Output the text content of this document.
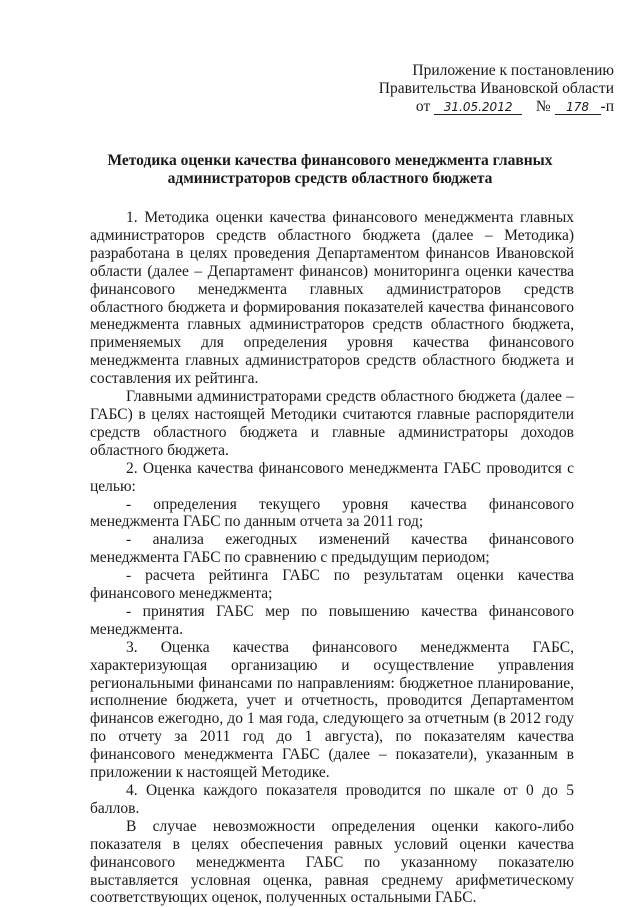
Приложение к постановлению
Правительства Ивановской области
от 31.05.2012 № 178 -п
Методика оценки качества финансового менеджмента главных
администраторов средств областного бюджета

1. Методика оценки качества финансового менеджмента главных администраторов средств областного бюджета (далее – Методика) разработана в целях проведения Департаментом финансов Ивановской области (далее – Департамент финансов) мониторинга оценки качества финансового менеджмента главных администраторов средств областного бюджета и формирования показателей качества финансового менеджмента главных администраторов средств областного бюджета, применяемых для определения уровня качества финансового менеджмента главных администраторов средств областного бюджета и составления их рейтинга.

Главными администраторами средств областного бюджета (далее – ГАБС) в целях настоящей Методики считаются главные распорядители средств областного бюджета и главные администраторы доходов областного бюджета.

2. Оценка качества финансового менеджмента ГАБС проводится с целью:

- определения текущего уровня качества финансового менеджмента ГАБС по данным отчета за 2011 год;

- анализа ежегодных изменений качества финансового менеджмента ГАБС по сравнению с предыдущим периодом;

- расчета рейтинга ГАБС по результатам оценки качества финансового менеджмента;

- принятия ГАБС мер по повышению качества финансового менеджмента.

3. Оценка качества финансового менеджмента ГАБС, характеризующая организацию и осуществление управления региональными финансами по направлениям: бюджетное планирование, исполнение бюджета, учет и отчетность, проводится Департаментом финансов ежегодно, до 1 мая года, следующего за отчетным (в 2012 году по отчету за 2011 год до 1 августа), по показателям качества финансового менеджмента ГАБС (далее – показатели), указанным в приложении к настоящей Методике.

4. Оценка каждого показателя проводится по шкале от 0 до 5 баллов.

В случае невозможности определения оценки какого-либо показателя в целях обеспечения равных условий оценки качества финансового менеджмента ГАБС по указанному показателю выставляется условная оценка, равная среднему арифметическому соответствующих оценок, полученных остальными ГАБС.
